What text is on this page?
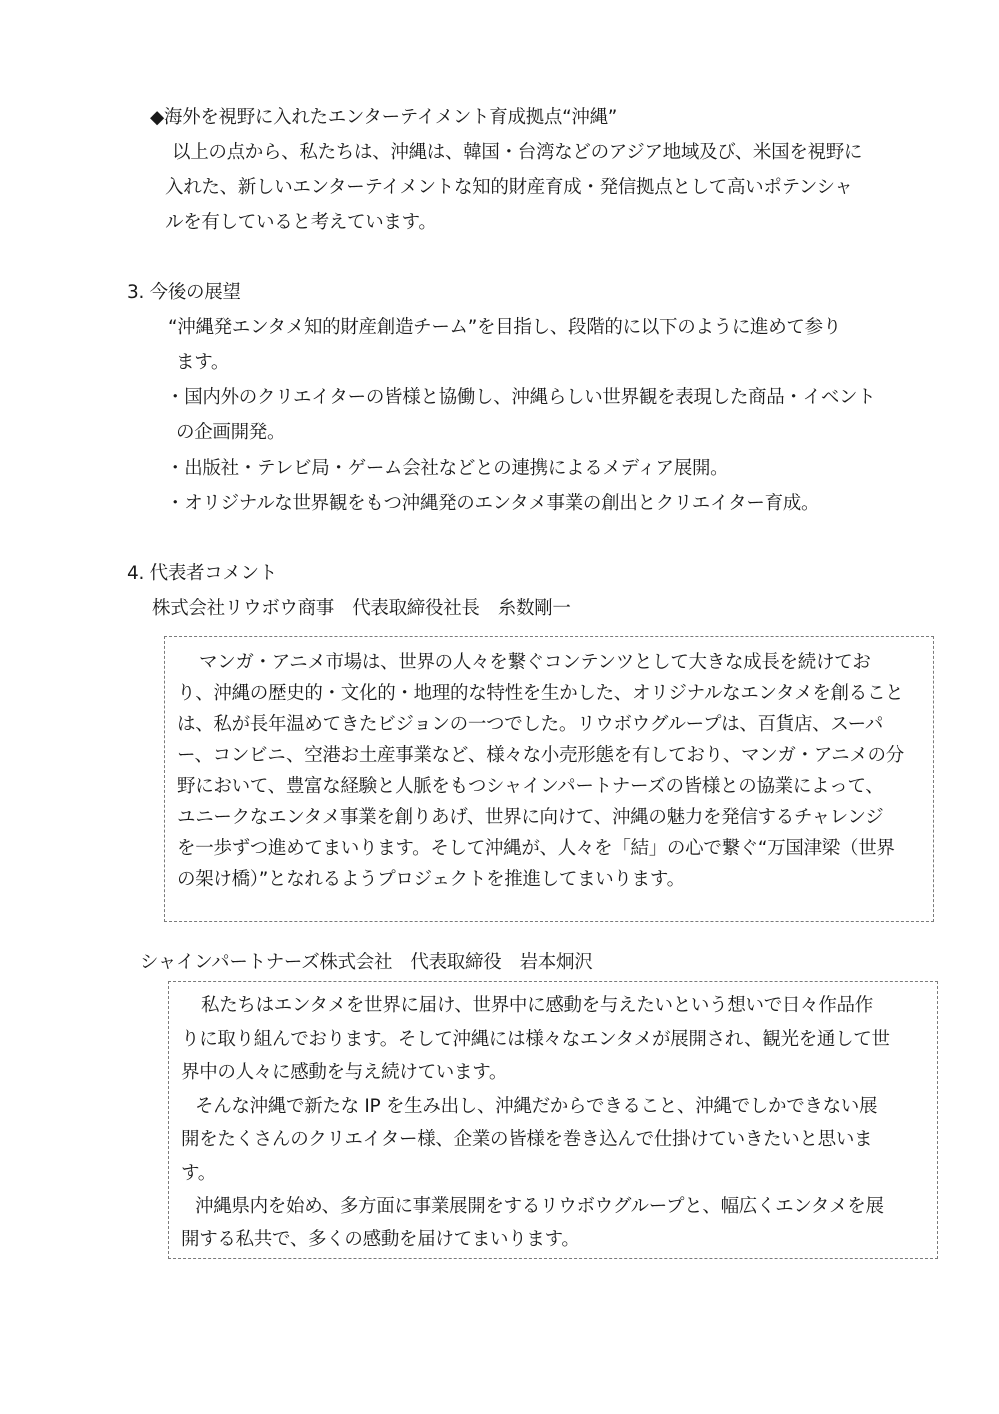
◆海外を視野に入れたエンターテイメント育成拠点“沖縄”
以上の点から、私たちは、沖縄は、韓国・台湾などのアジア地域及び、米国を視野に
入れた、新しいエンターテイメントな知的財産育成・発信拠点として高いポテンシャ
ルを有していると考えています。
3. 今後の展望
“沖縄発エンタメ知的財産創造チーム”を目指し、段階的に以下のように進めて参り
ます。
・国内外のクリエイターの皆様と協働し、沖縄らしい世界観を表現した商品・イベント
の企画開発。
・出版社・テレビ局・ゲーム会社などとの連携によるメディア展開。
・オリジナルな世界観をもつ沖縄発のエンタメ事業の創出とクリエイター育成。
4. 代表者コメント
株式会社リウボウ商事　代表取締役社長　糸数剛一
マンガ・アニメ市場は、世界の人々を繋ぐコンテンツとして大きな成長を続けてお
り、沖縄の歴史的・文化的・地理的な特性を生かした、オリジナルなエンタメを創ること
は、私が長年温めてきたビジョンの一つでした。リウボウグループは、百貨店、スーパ
ー、コンビニ、空港お土産事業など、様々な小売形態を有しており、マンガ・アニメの分
野において、豊富な経験と人脈をもつシャインパートナーズの皆様との協業によって、
ユニークなエンタメ事業を創りあげ、世界に向けて、沖縄の魅力を発信するチャレンジ
を一歩ずつ進めてまいります。そして沖縄が、人々を「結」の心で繋ぐ“万国津梁（世界
の架け橋）”となれるようプロジェクトを推進してまいります。
シャインパートナーズ株式会社　代表取締役　岩本炯沢
私たちはエンタメを世界に届け、世界中に感動を与えたいという想いで日々作品作
りに取り組んでおります。そして沖縄には様々なエンタメが展開され、観光を通して世
界中の人々に感動を与え続けています。
そんな沖縄で新たな IP を生み出し、沖縄だからできること、沖縄でしかできない展
開をたくさんのクリエイター様、企業の皆様を巻き込んで仕掛けていきたいと思いま
す。
沖縄県内を始め、多方面に事業展開をするリウボウグループと、幅広くエンタメを展
開する私共で、多くの感動を届けてまいります。
